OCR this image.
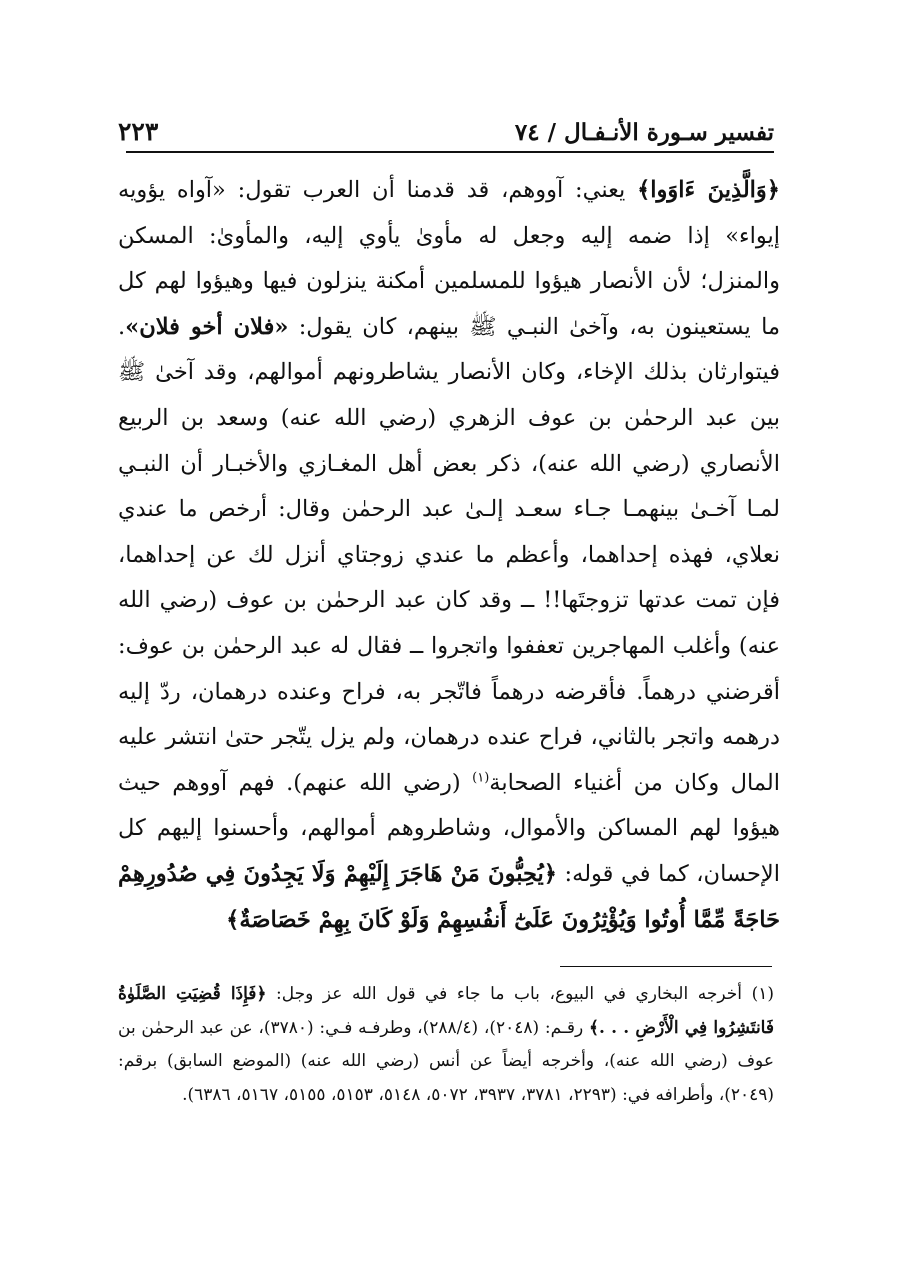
تفسير سـورة الأنـفـال / ٧٤
٢٢٣

﴿وَالَّذِينَ ءَاوَوا﴾ يعني: آووهم، قد قدمنا أن العرب تقول: «آواه يؤويه إيواء» إذا ضمه إليه وجعل له مأوىٰ يأوي إليه، والمأوىٰ: المسكن والمنزل؛ لأن الأنصار هيؤوا للمسلمين أمكنة ينزلون فيها وهيؤوا لهم كل ما يستعينون به، وآخىٰ النبـي ﷺ بينهم، كان يقول: «فلان أخو فلان». فيتوارثان بذلك الإخاء، وكان الأنصار يشاطرونهم أموالهم، وقد آخىٰ ﷺ بين عبد الرحمٰن بن عوف الزهري (رضي الله عنه) وسعد بن الربيع الأنصاري (رضي الله عنه)، ذكر بعض أهل المغـازي والأخبـار أن النبـي لمـا آخـىٰ بينهمـا جـاء سعـد إلـىٰ عبد الرحمٰن وقال: أرخص ما عندي نعلاي، فهذه إحداهما، وأعظم ما عندي زوجتاي أنزل لك عن إحداهما، فإن تمت عدتها تزوجتَها!! ــ وقد كان عبد الرحمٰن بن عوف (رضي الله عنه) وأغلب المهاجرين تعففوا واتجروا ــ فقال له عبد الرحمٰن بن عوف: أقرضني درهماً. فأقرضه درهماً فاتّجر به، فراح وعنده درهمان، ردّ إليه درهمه واتجر بالثاني، فراح عنده درهمان، ولم يزل يتّجر حتىٰ انتشر عليه المال وكان من أغنياء الصحابة$^{(١)}$ (رضي الله عنهم). فهم آووهم حيث هيؤوا لهم المساكن والأموال، وشاطروهم أموالهم، وأحسنوا إليهم كل الإحسان، كما في قوله: ﴿يُحِبُّونَ مَنْ هَاجَرَ إِلَيْهِمْ وَلَا يَجِدُونَ فِي صُدُورِهِمْ حَاجَةً مِّمَّا أُوتُوا وَيُؤْثِرُونَ عَلَىٰٓ أَنفُسِهِمْ وَلَوْ كَانَ بِهِمْ خَصَاصَةٌ﴾

(١) أخرجه البخاري في البيوع، باب ما جاء في قول الله عز وجل: ﴿فَإِذَا قُضِيَتِ الصَّلَوٰةُ فَانتَشِرُوا فِي الْأَرْضِ . . .﴾ رقـم: (٢٠٤٨)، (٢٨٨/٤)، وطرفـه فـي: (٣٧٨٠)، عن عبد الرحمٰن بن عوف (رضي الله عنه)، وأخرجه أيضاً عن أنس (رضي الله عنه) (الموضع السابق) برقم: (٢٠٤٩)، وأطرافه في: (٢٢٩٣، ٣٧٨١، ٣٩٣٧، ٥٠٧٢، ٥١٤٨، ٥١٥٣، ٥١٥٥، ٥١٦٧، ٦٣٨٦).
